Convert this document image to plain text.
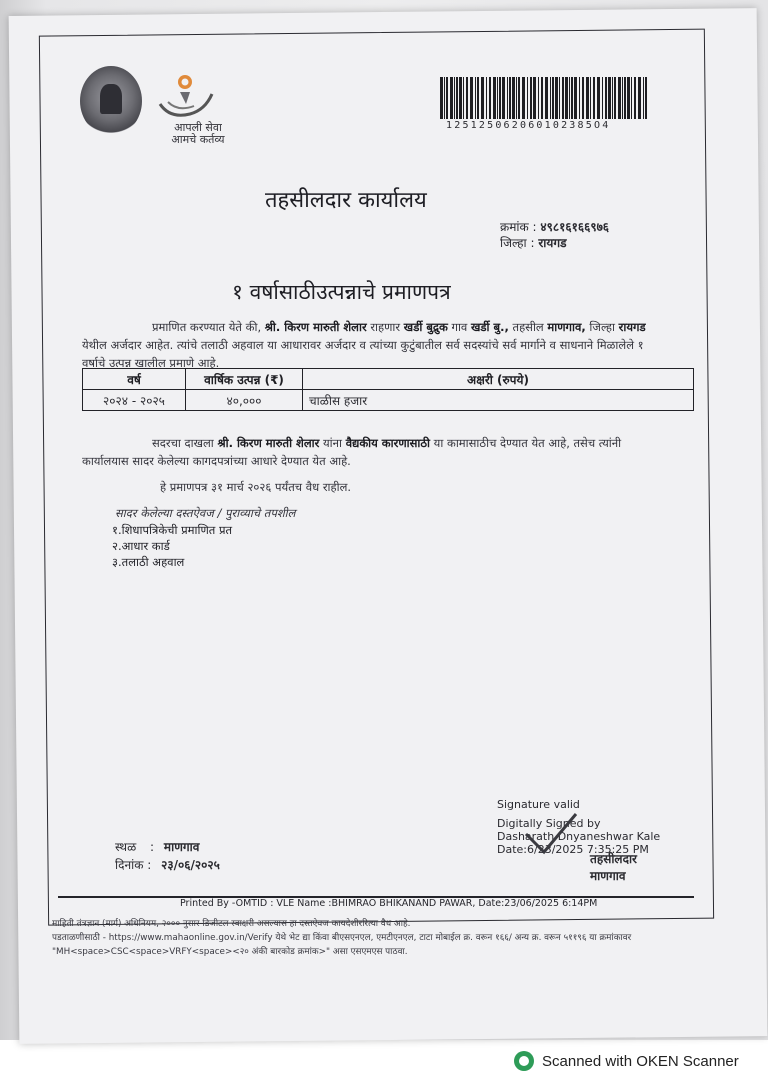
आपली सेवा
आमचे कर्तव्य
125125062060102385O4
तहसीलदार कार्यालय
क्रमांक : ४९८१६१६६९७६
जिल्हा : रायगड
१ वर्षासाठीउत्पन्नाचे प्रमाणपत्र
प्रमाणित करण्यात येते की, श्री. किरण मारुती शेलार राहणार खर्डी बुद्रुक गाव खर्डी बु., तहसील माणगाव, जिल्हा रायगड येथील अर्जदार आहेत. त्यांचे तलाठी अहवाल या आधारावर अर्जदार व त्यांच्या कुटुंबातील सर्व सदस्यांचे सर्व मार्गाने व साधनाने मिळालेले १ वर्षाचे उत्पन्न खालील प्रमाणे आहे.
वर्ष	वार्षिक उत्पन्न (₹)	अक्षरी (रुपये)
२०२४ - २०२५	४०,०००	चाळीस हजार
सदरचा दाखला श्री. किरण मारुती शेलार यांना वैद्यकीय कारणासाठी या कामासाठीच देण्यात येत आहे, तसेच त्यांनी कार्यालयास सादर केलेल्या कागदपत्रांच्या आधारे देण्यात येत आहे.
हे प्रमाणपत्र ३१ मार्च २०२६ पर्यंतच वैध राहील.
सादर केलेल्या दस्तऐवज / पुराव्याचे तपशील
१.शिधापत्रिकेची प्रमाणित प्रत
२.आधार कार्ड
३.तलाठी अहवाल
Signature valid
Digitally Signed by
Dasharath Dnyaneshwar Kale
Date:6/23/2025 7:35:25 PM
तहसीलदार
माणगाव
स्थळ : माणगाव
दिनांक : २३/०६/२०२५
Printed By -OMTID : VLE Name :BHIMRAO BHIKANAND PAWAR, Date:23/06/2025 6:14PM
माहिती तंत्रज्ञान (मार्ग) अधिनियम, २००० नुसार डिजीटल स्वाक्षरी असल्यास हा दस्तऐवज कायदेशीररित्या वैध आहे.
पडताळणीसाठी - https://www.mahaonline.gov.in/Verify येथे भेट द्या किंवा बीएसएनएल, एमटीएनएल, टाटा मोबाईल क्र. वरून १६६/ अन्य क्र. वरून ५११९६ या क्रमांकावर
"MH<space>CSC<space>VRFY<space><२० अंकी बारकोड क्रमांक>" असा एसएमएस पाठवा.
Scanned with OKEN Scanner
